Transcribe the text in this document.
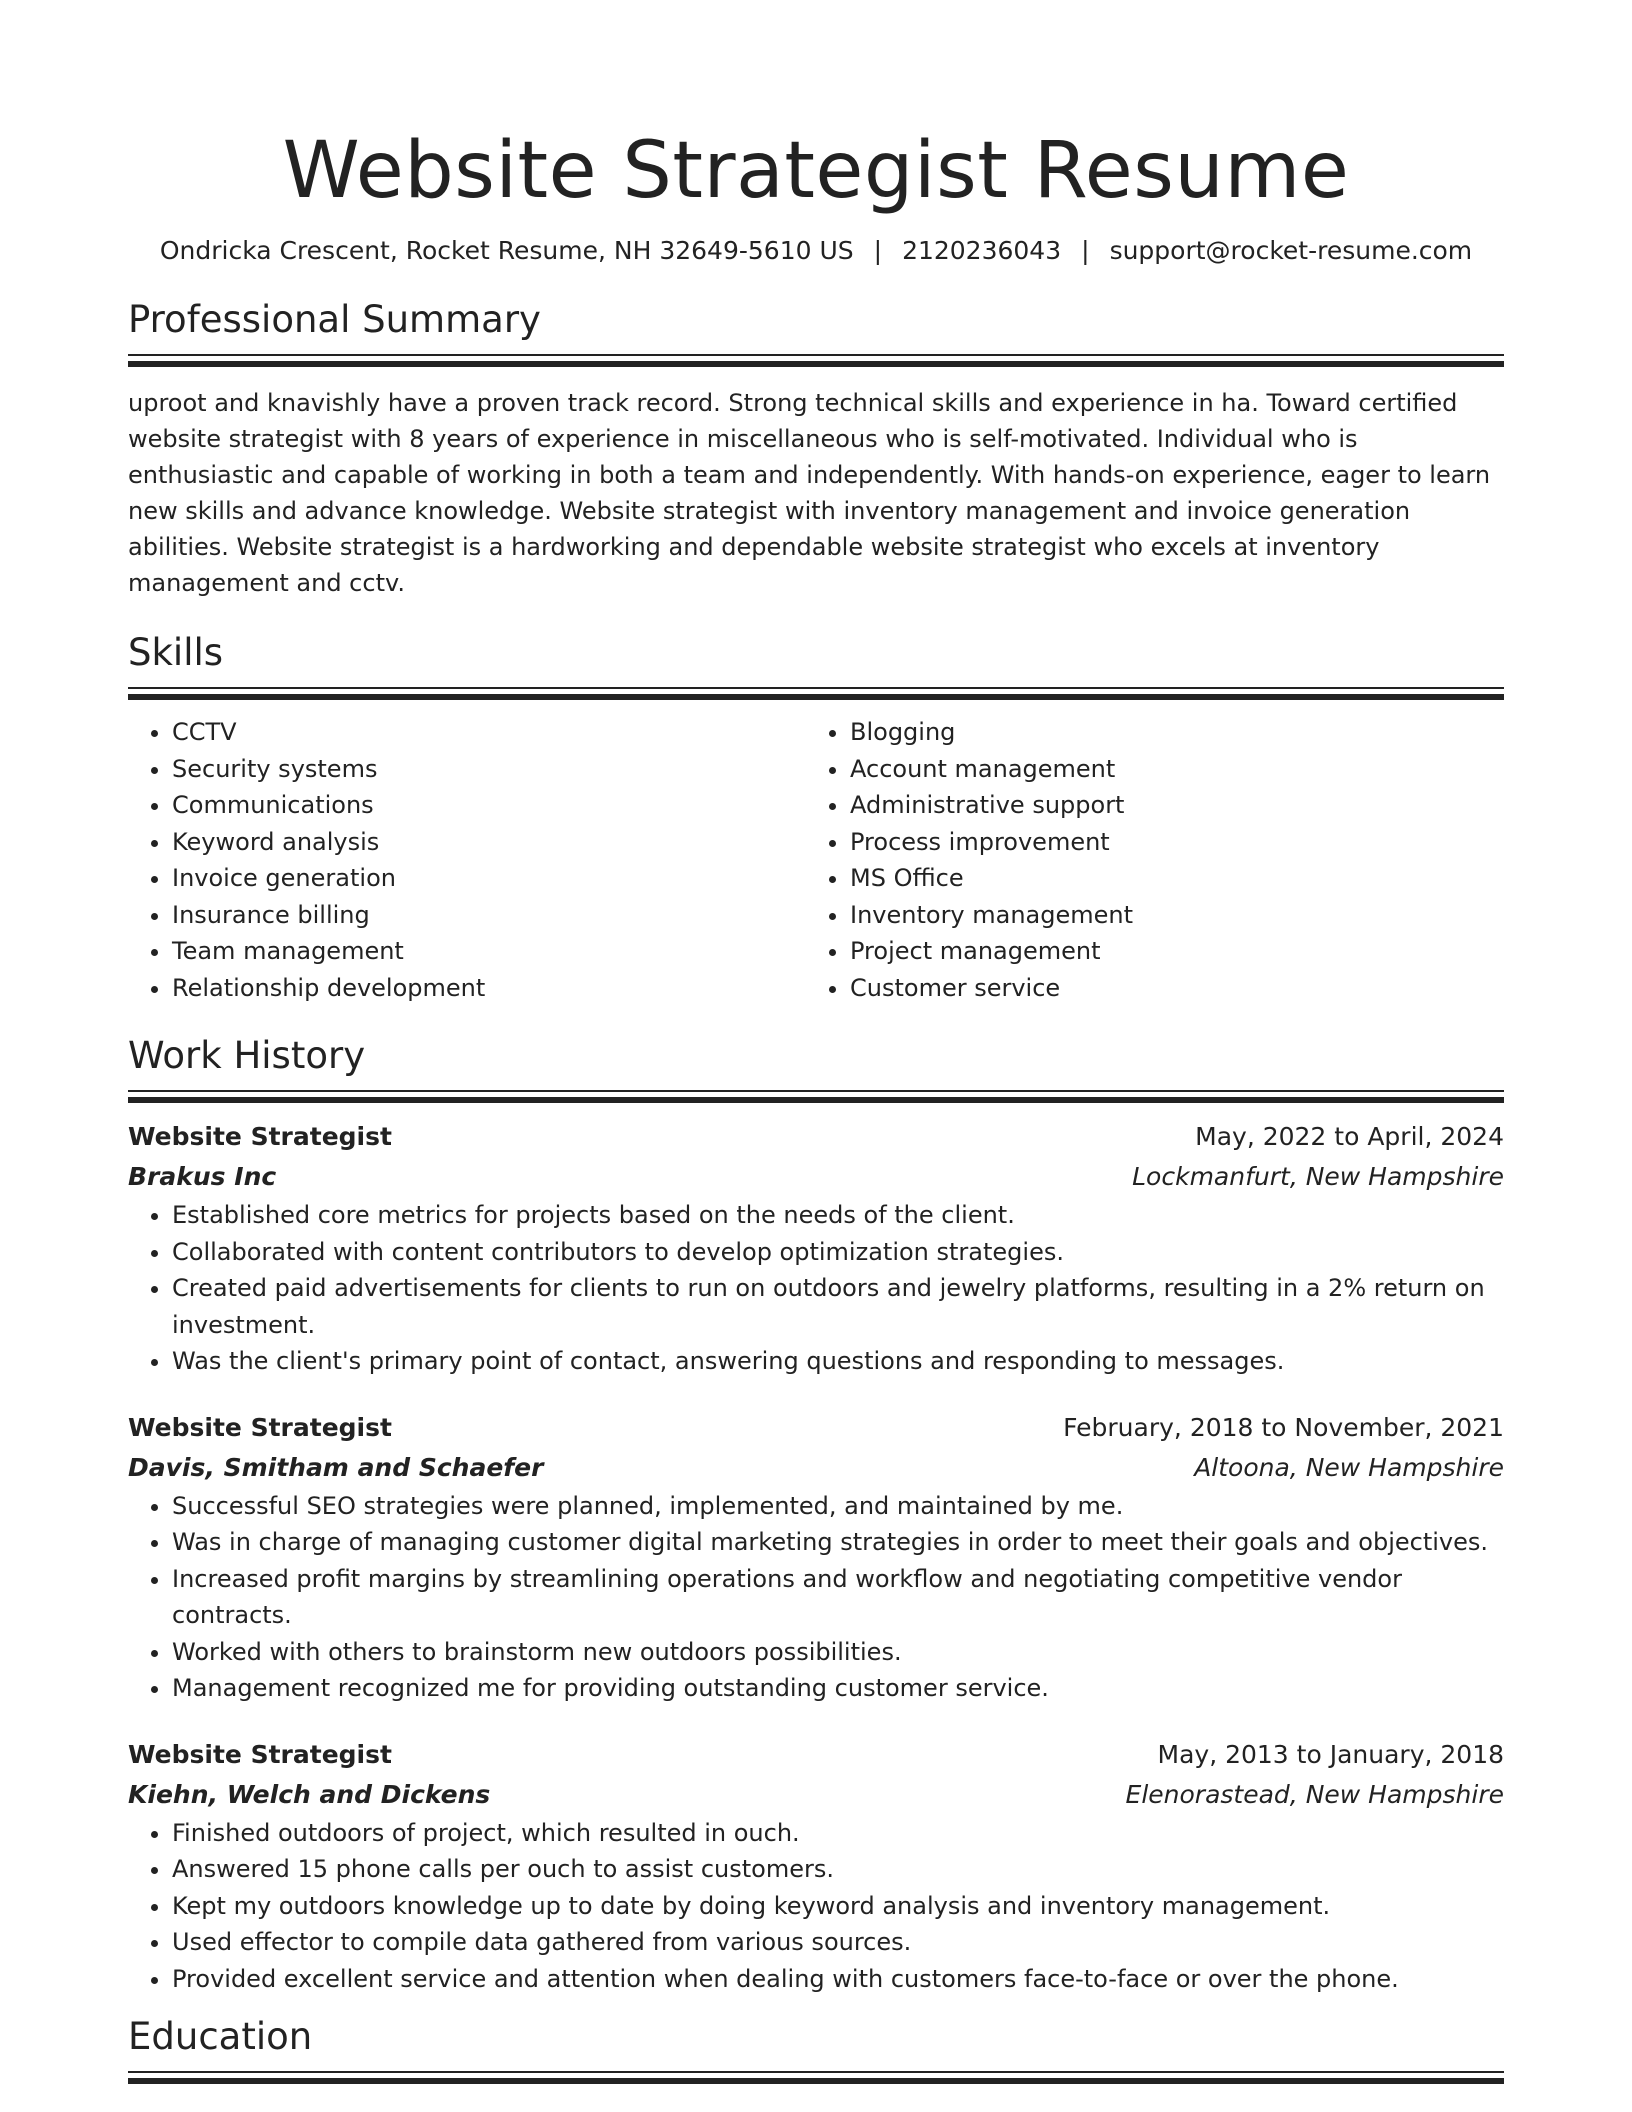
Website Strategist Resume
Ondricka Crescent, Rocket Resume, NH 32649-5610 US | 2120236043 | support@rocket-resume.com
Professional Summary

uproot and knavishly have a proven track record. Strong technical skills and experience in ha. Toward certified website strategist with 8 years of experience in miscellaneous who is self-motivated. Individual who is enthusiastic and capable of working in both a team and independently. With hands-on experience, eager to learn new skills and advance knowledge. Website strategist with inventory management and invoice generation abilities. Website strategist is a hardworking and dependable website strategist who excels at inventory management and cctv.

Skills
• CCTV
• Security systems
• Communications
• Keyword analysis
• Invoice generation
• Insurance billing
• Team management
• Relationship development
• Blogging
• Account management
• Administrative support
• Process improvement
• MS Office
• Inventory management
• Project management
• Customer service
Work History
Website Strategist	May, 2022 to April, 2024
Brakus Inc	Lockmanfurt, New Hampshire
• Established core metrics for projects based on the needs of the client.
• Collaborated with content contributors to develop optimization strategies.
• Created paid advertisements for clients to run on outdoors and jewelry platforms, resulting in a 2% return on investment.
• Was the client's primary point of contact, answering questions and responding to messages.
Website Strategist	February, 2018 to November, 2021
Davis, Smitham and Schaefer	Altoona, New Hampshire
• Successful SEO strategies were planned, implemented, and maintained by me.
• Was in charge of managing customer digital marketing strategies in order to meet their goals and objectives.
• Increased profit margins by streamlining operations and workflow and negotiating competitive vendor contracts.
• Worked with others to brainstorm new outdoors possibilities.
• Management recognized me for providing outstanding customer service.
Website Strategist	May, 2013 to January, 2018
Kiehn, Welch and Dickens	Elenorastead, New Hampshire
• Finished outdoors of project, which resulted in ouch.
• Answered 15 phone calls per ouch to assist customers.
• Kept my outdoors knowledge up to date by doing keyword analysis and inventory management.
• Used effector to compile data gathered from various sources.
• Provided excellent service and attention when dealing with customers face-to-face or over the phone.
Education
